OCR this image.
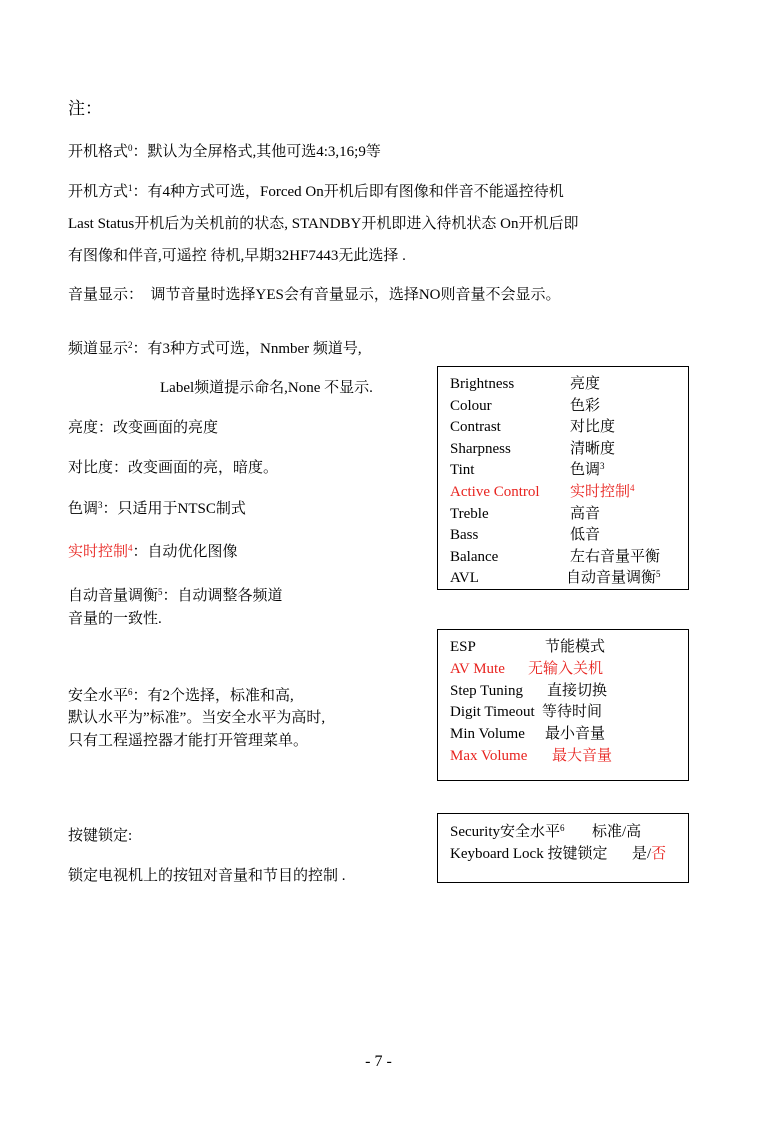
注：
开机格式$^0$：默认为全屏格式,其他可选4:3,16;9等
开机方式$^1$：有4种方式可选，Forced On开机后即有图像和伴音不能遥控待机
Last Status开机后为关机前的状态, STANDBY开机即进入待机状态 On开机后即
有图像和伴音,可遥控 待机,早期32HF7443无此选择 .
音量显示： 调节音量时选择YES会有音量显示，选择NO则音量不会显示。
频道显示$^2$：有3种方式可选，Nnmber 频道号,
Label频道提示命名,None 不显示.
亮度：改变画面的亮度
对比度：改变画面的亮，暗度。
色调$^3$：只适用于NTSC制式
实时控制$^4$：自动优化图像
自动音量调衡$^5$：自动调整各频道
音量的一致性.
安全水平$^6$：有2个选择，标准和高,
默认水平为”标准”。当安全水平为高时,
只有工程遥控器才能打开管理菜单。
按键锁定:
锁定电视机上的按钮对音量和节目的控制 .
Brightness	亮度
Colour	色彩
Contrast	对比度
Sharpness	清晰度
Tint	色调$^3$
Active Control 实时控制$^4$
Treble	高音
Bass	低音
Balance	左右音量平衡
AVL	自动音量调衡$^5$
ESP	节能模式
AV Mute 无输入关机
Step Tuning 直接切换
Digit Timeout 等待时间
Min Volume 最小音量
Max Volume 最大音量
Security安全水平$^6$ 标准/高
Keyboard Lock 按键锁定 是/否
- 7 -
